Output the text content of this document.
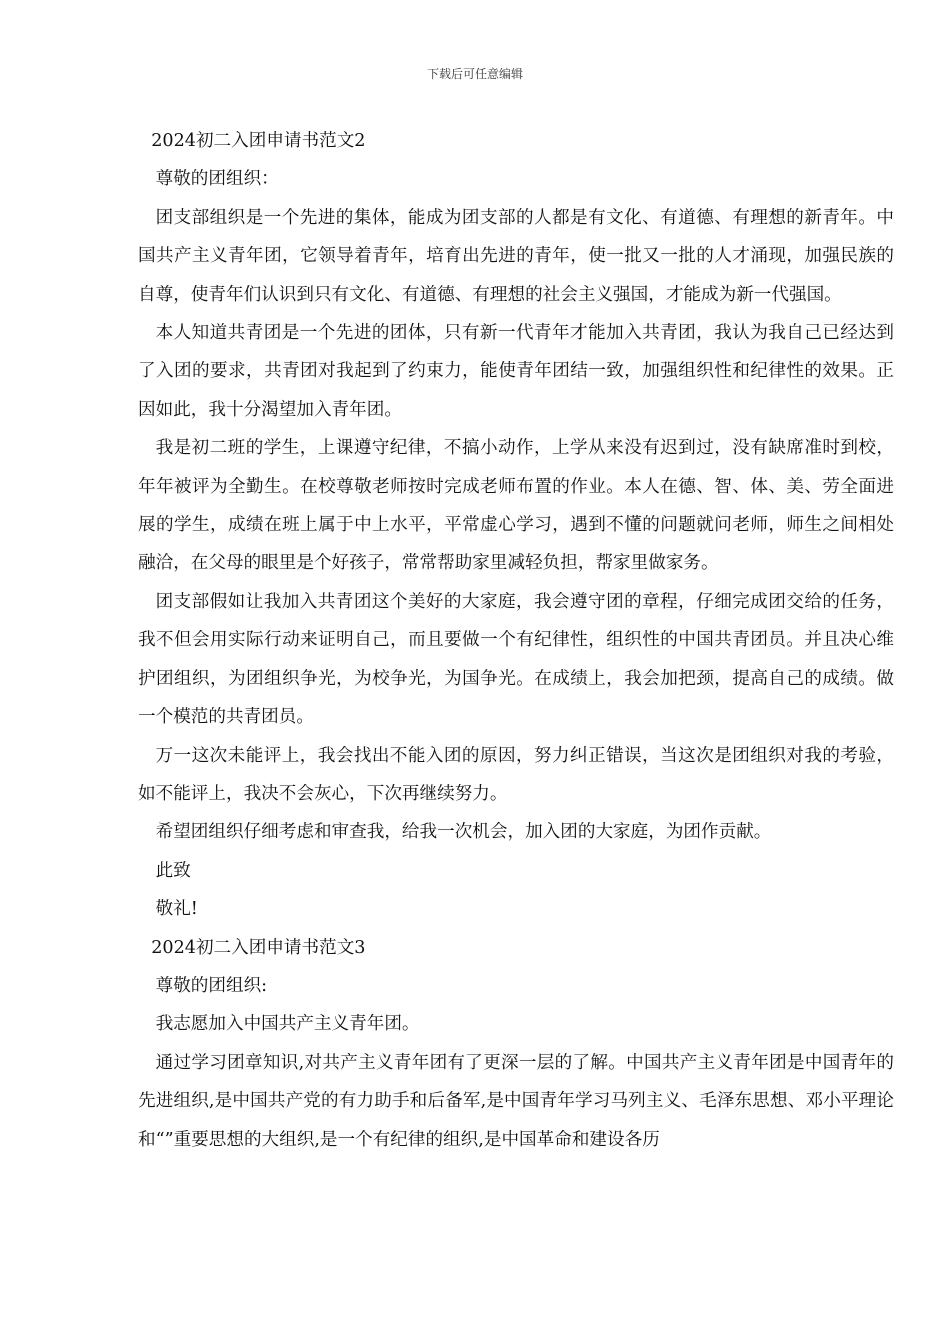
下载后可任意编辑

2024初二入团申请书范文2

尊敬的团组织：

团支部组织是一个先进的集体，能成为团支部的人都是有文化、有道德、有理想的新青年。中国共产主义青年团，它领导着青年，培育出先进的青年，使一批又一批的人才涌现，加强民族的自尊，使青年们认识到只有文化、有道德、有理想的社会主义强国，才能成为新一代强国。

本人知道共青团是一个先进的团体，只有新一代青年才能加入共青团，我认为我自己已经达到了入团的要求，共青团对我起到了约束力，能使青年团结一致，加强组织性和纪律性的效果。正因如此，我十分渴望加入青年团。

我是初二班的学生，上课遵守纪律，不搞小动作，上学从来没有迟到过，没有缺席准时到校，年年被评为全勤生。在校尊敬老师按时完成老师布置的作业。本人在德、智、体、美、劳全面进展的学生，成绩在班上属于中上水平，平常虚心学习，遇到不懂的问题就问老师，师生之间相处融洽，在父母的眼里是个好孩子，常常帮助家里减轻负担，帮家里做家务。

团支部假如让我加入共青团这个美好的大家庭，我会遵守团的章程，仔细完成团交给的任务，我不但会用实际行动来证明自己，而且要做一个有纪律性，组织性的中国共青团员。并且决心维护团组织，为团组织争光，为校争光，为国争光。在成绩上，我会加把颈，提高自己的成绩。做一个模范的共青团员。

万一这次未能评上，我会找出不能入团的原因，努力纠正错误，当这次是团组织对我的考验，如不能评上，我决不会灰心，下次再继续努力。

希望团组织仔细考虑和审查我，给我一次机会，加入团的大家庭，为团作贡献。

此致

敬礼!

2024初二入团申请书范文3

尊敬的团组织:

我志愿加入中国共产主义青年团。

通过学习团章知识,对共产主义青年团有了更深一层的了解。中国共产主义青年团是中国青年的先进组织,是中国共产党的有力助手和后备军,是中国青年学习马列主义、毛泽东思想、邓小平理论和“”重要思想的大组织,是一个有纪律的组织,是中国革命和建设各历
